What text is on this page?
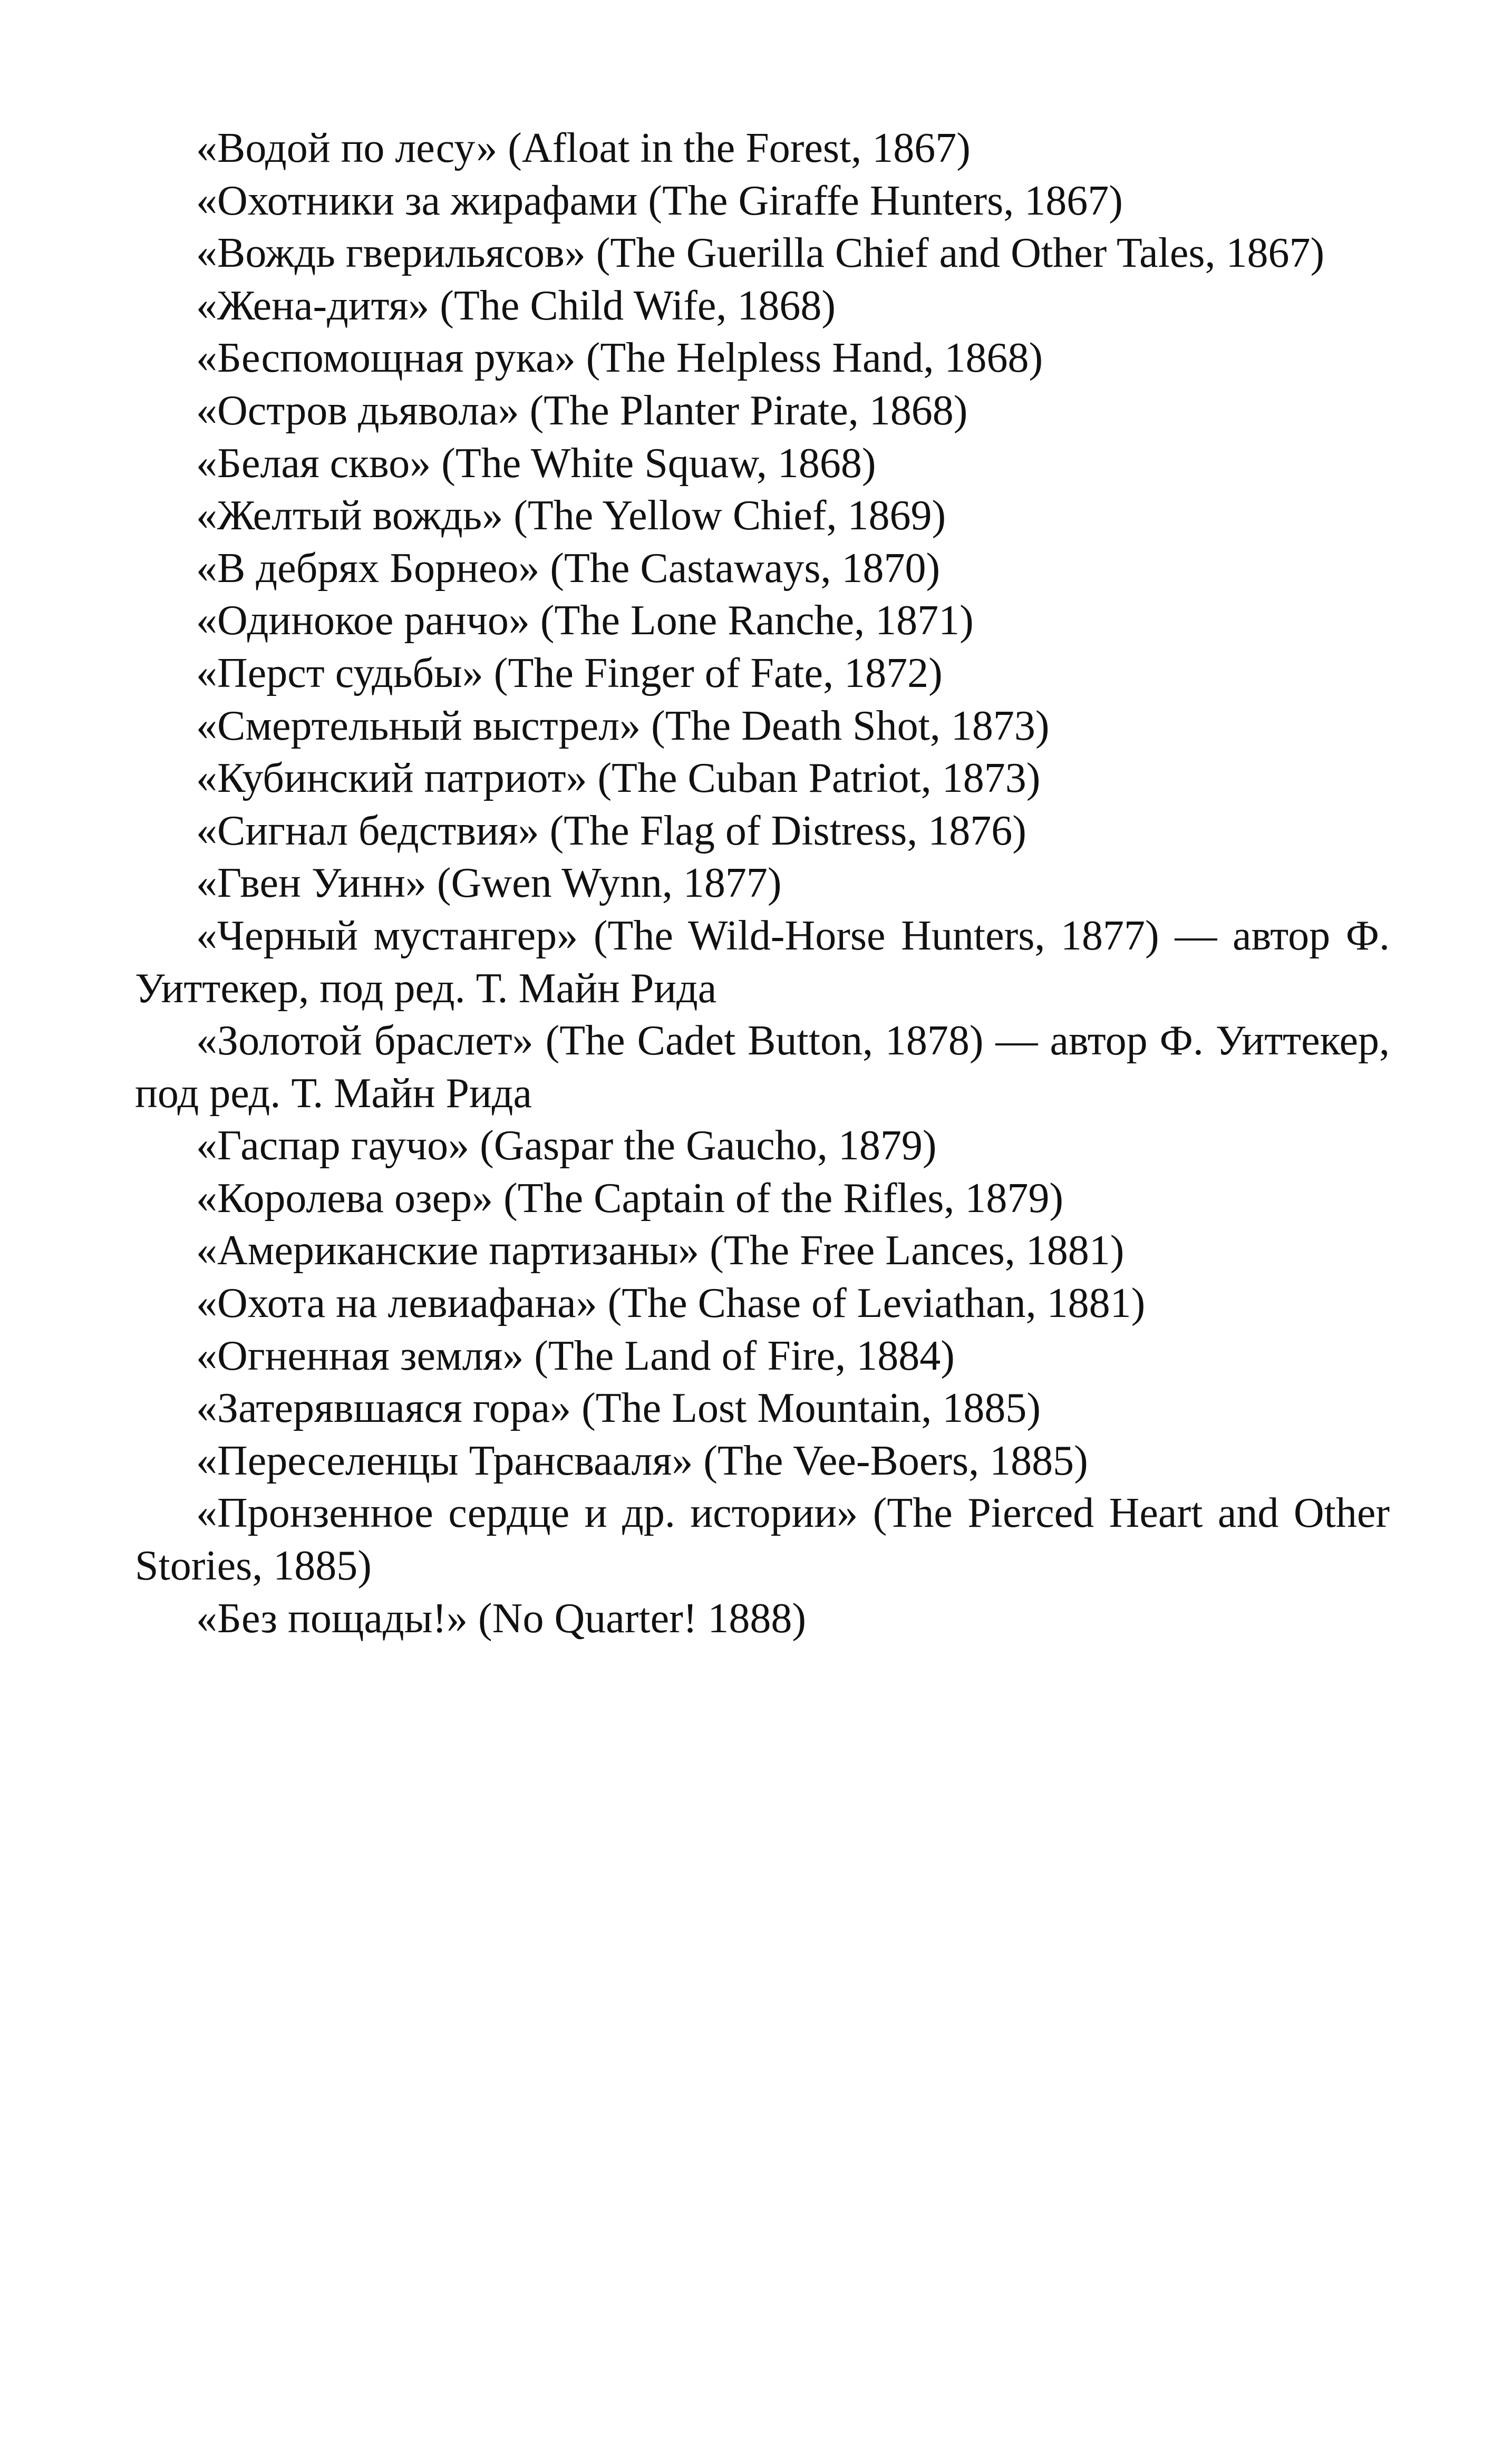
«Водой по лесу» (Afloat in the Forest, 1867)

«Охотники за жирафами (The Giraffe Hunters, 1867)

«Вождь гверильясов» (The Guerilla Chief and Other Tales, 1867)

«Жена-дитя» (The Child Wife, 1868)

«Беспомощная рука» (The Helpless Hand, 1868)

«Остров дьявола» (The Planter Pirate, 1868)

«Белая скво» (The White Squaw, 1868)

«Желтый вождь» (The Yellow Chief, 1869)

«В дебрях Борнео» (The Castaways, 1870)

«Одинокое ранчо» (The Lone Ranche, 1871)

«Перст судьбы» (The Finger of Fate, 1872)

«Смертельный выстрел» (The Death Shot, 1873)

«Кубинский патриот» (The Cuban Patriot, 1873)

«Сигнал бедствия» (The Flag of Distress, 1876)

«Гвен Уинн» (Gwen Wynn, 1877)

«Черный мустангер» (The Wild-Horse Hunters, 1877) — автор Ф. Уиттекер, под ред. Т. Майн Рида

«Золотой браслет» (The Cadet Button, 1878) — автор Ф. Уиттекер, под ред. Т. Майн Рида

«Гаспар гаучо» (Gaspar the Gaucho, 1879)

«Королева озер» (The Captain of the Rifles, 1879)

«Американские партизаны» (The Free Lances, 1881)

«Охота на левиафана» (The Chase of Leviathan, 1881)

«Огненная земля» (The Land of Fire, 1884)

«Затерявшаяся гора» (The Lost Mountain, 1885)

«Переселенцы Трансвааля» (The Vee-Boers, 1885)

«Пронзенное сердце и др. истории» (The Pierced Heart and Other Stories, 1885)

«Без пощады!» (No Quarter! 1888)
